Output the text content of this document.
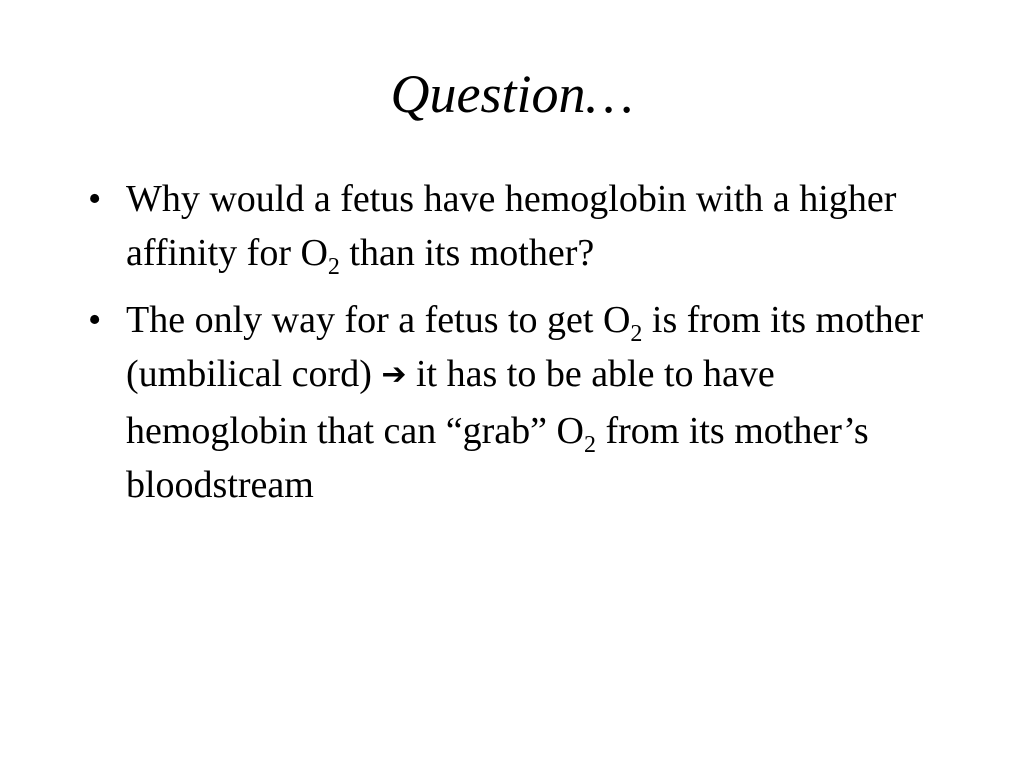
Question…
• Why would a fetus have hemoglobin with a higher affinity for $O_2$ than its mother?
• The only way for a fetus to get $O_2$ is from its mother (umbilical cord) ➔ it has to be able to have hemoglobin that can “grab” $O_2$ from its mother’s bloodstream
